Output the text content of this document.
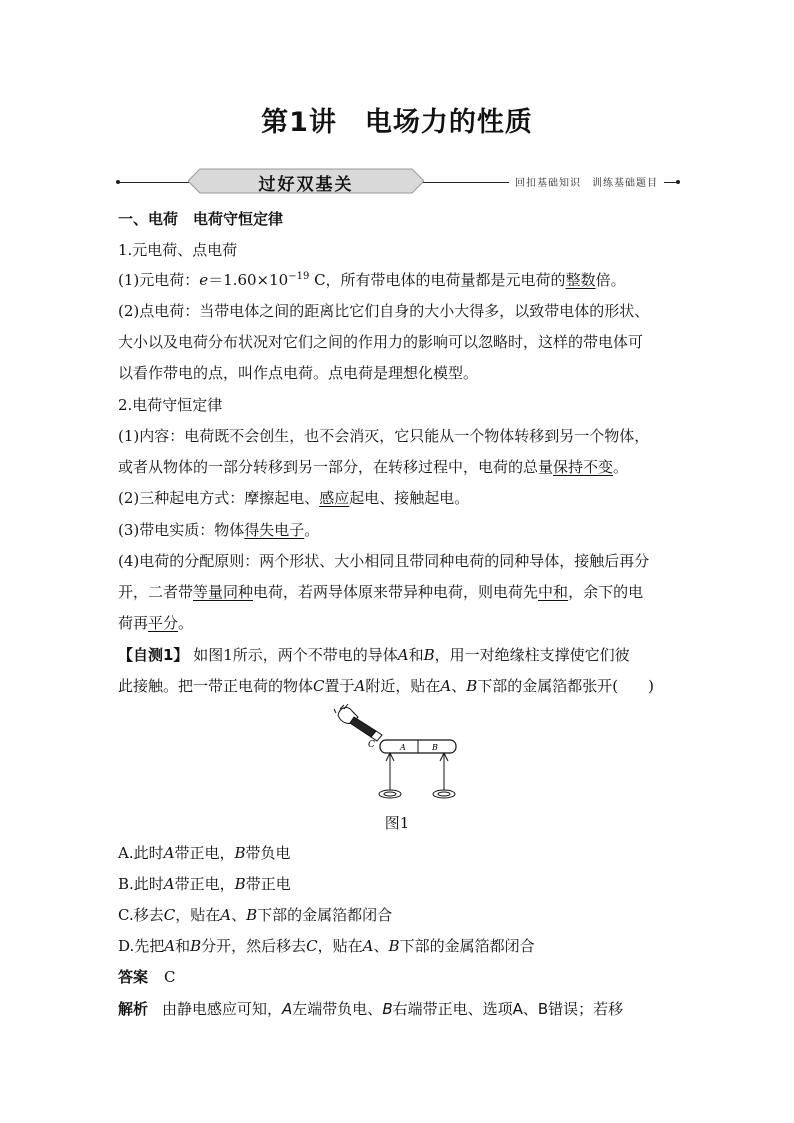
第1讲　电场力的性质
过好双基关	回扣基础知识　训练基础题目
一、电荷　电荷守恒定律
1.元电荷、点电荷
(1)元电荷：$e=1.60\times 10^{-19}$ C，所有带电体的电荷量都是元电荷的整数倍。
(2)点电荷：当带电体之间的距离比它们自身的大小大得多，以致带电体的形状、
大小以及电荷分布状况对它们之间的作用力的影响可以忽略时，这样的带电体可
以看作带电的点，叫作点电荷。点电荷是理想化模型。
2.电荷守恒定律
(1)内容：电荷既不会创生，也不会消灭，它只能从一个物体转移到另一个物体，
或者从物体的一部分转移到另一部分，在转移过程中，电荷的总量保持不变。
(2)三种起电方式：摩擦起电、感应起电、接触起电。
(3)带电实质：物体得失电子。
(4)电荷的分配原则：两个形状、大小相同且带同种电荷的同种导体，接触后再分
开，二者带等量同种电荷，若两导体原来带异种电荷，则电荷先中和，余下的电
荷再平分。
【自测1】 如图1所示，两个不带电的导体A和B，用一对绝缘柱支撑使它们彼
此接触。把一带正电荷的物体C置于A附近，贴在A、B下部的金属箔都张开(　　)
C	A	B
图1
A.此时A带正电，B带负电
B.此时A带正电，B带正电
C.移去C，贴在A、B下部的金属箔都闭合
D.先把A和B分开，然后移去C，贴在A、B下部的金属箔都闭合
答案 C
解析 由静电感应可知，A左端带负电、B右端带正电、选项A、B错误；若移
